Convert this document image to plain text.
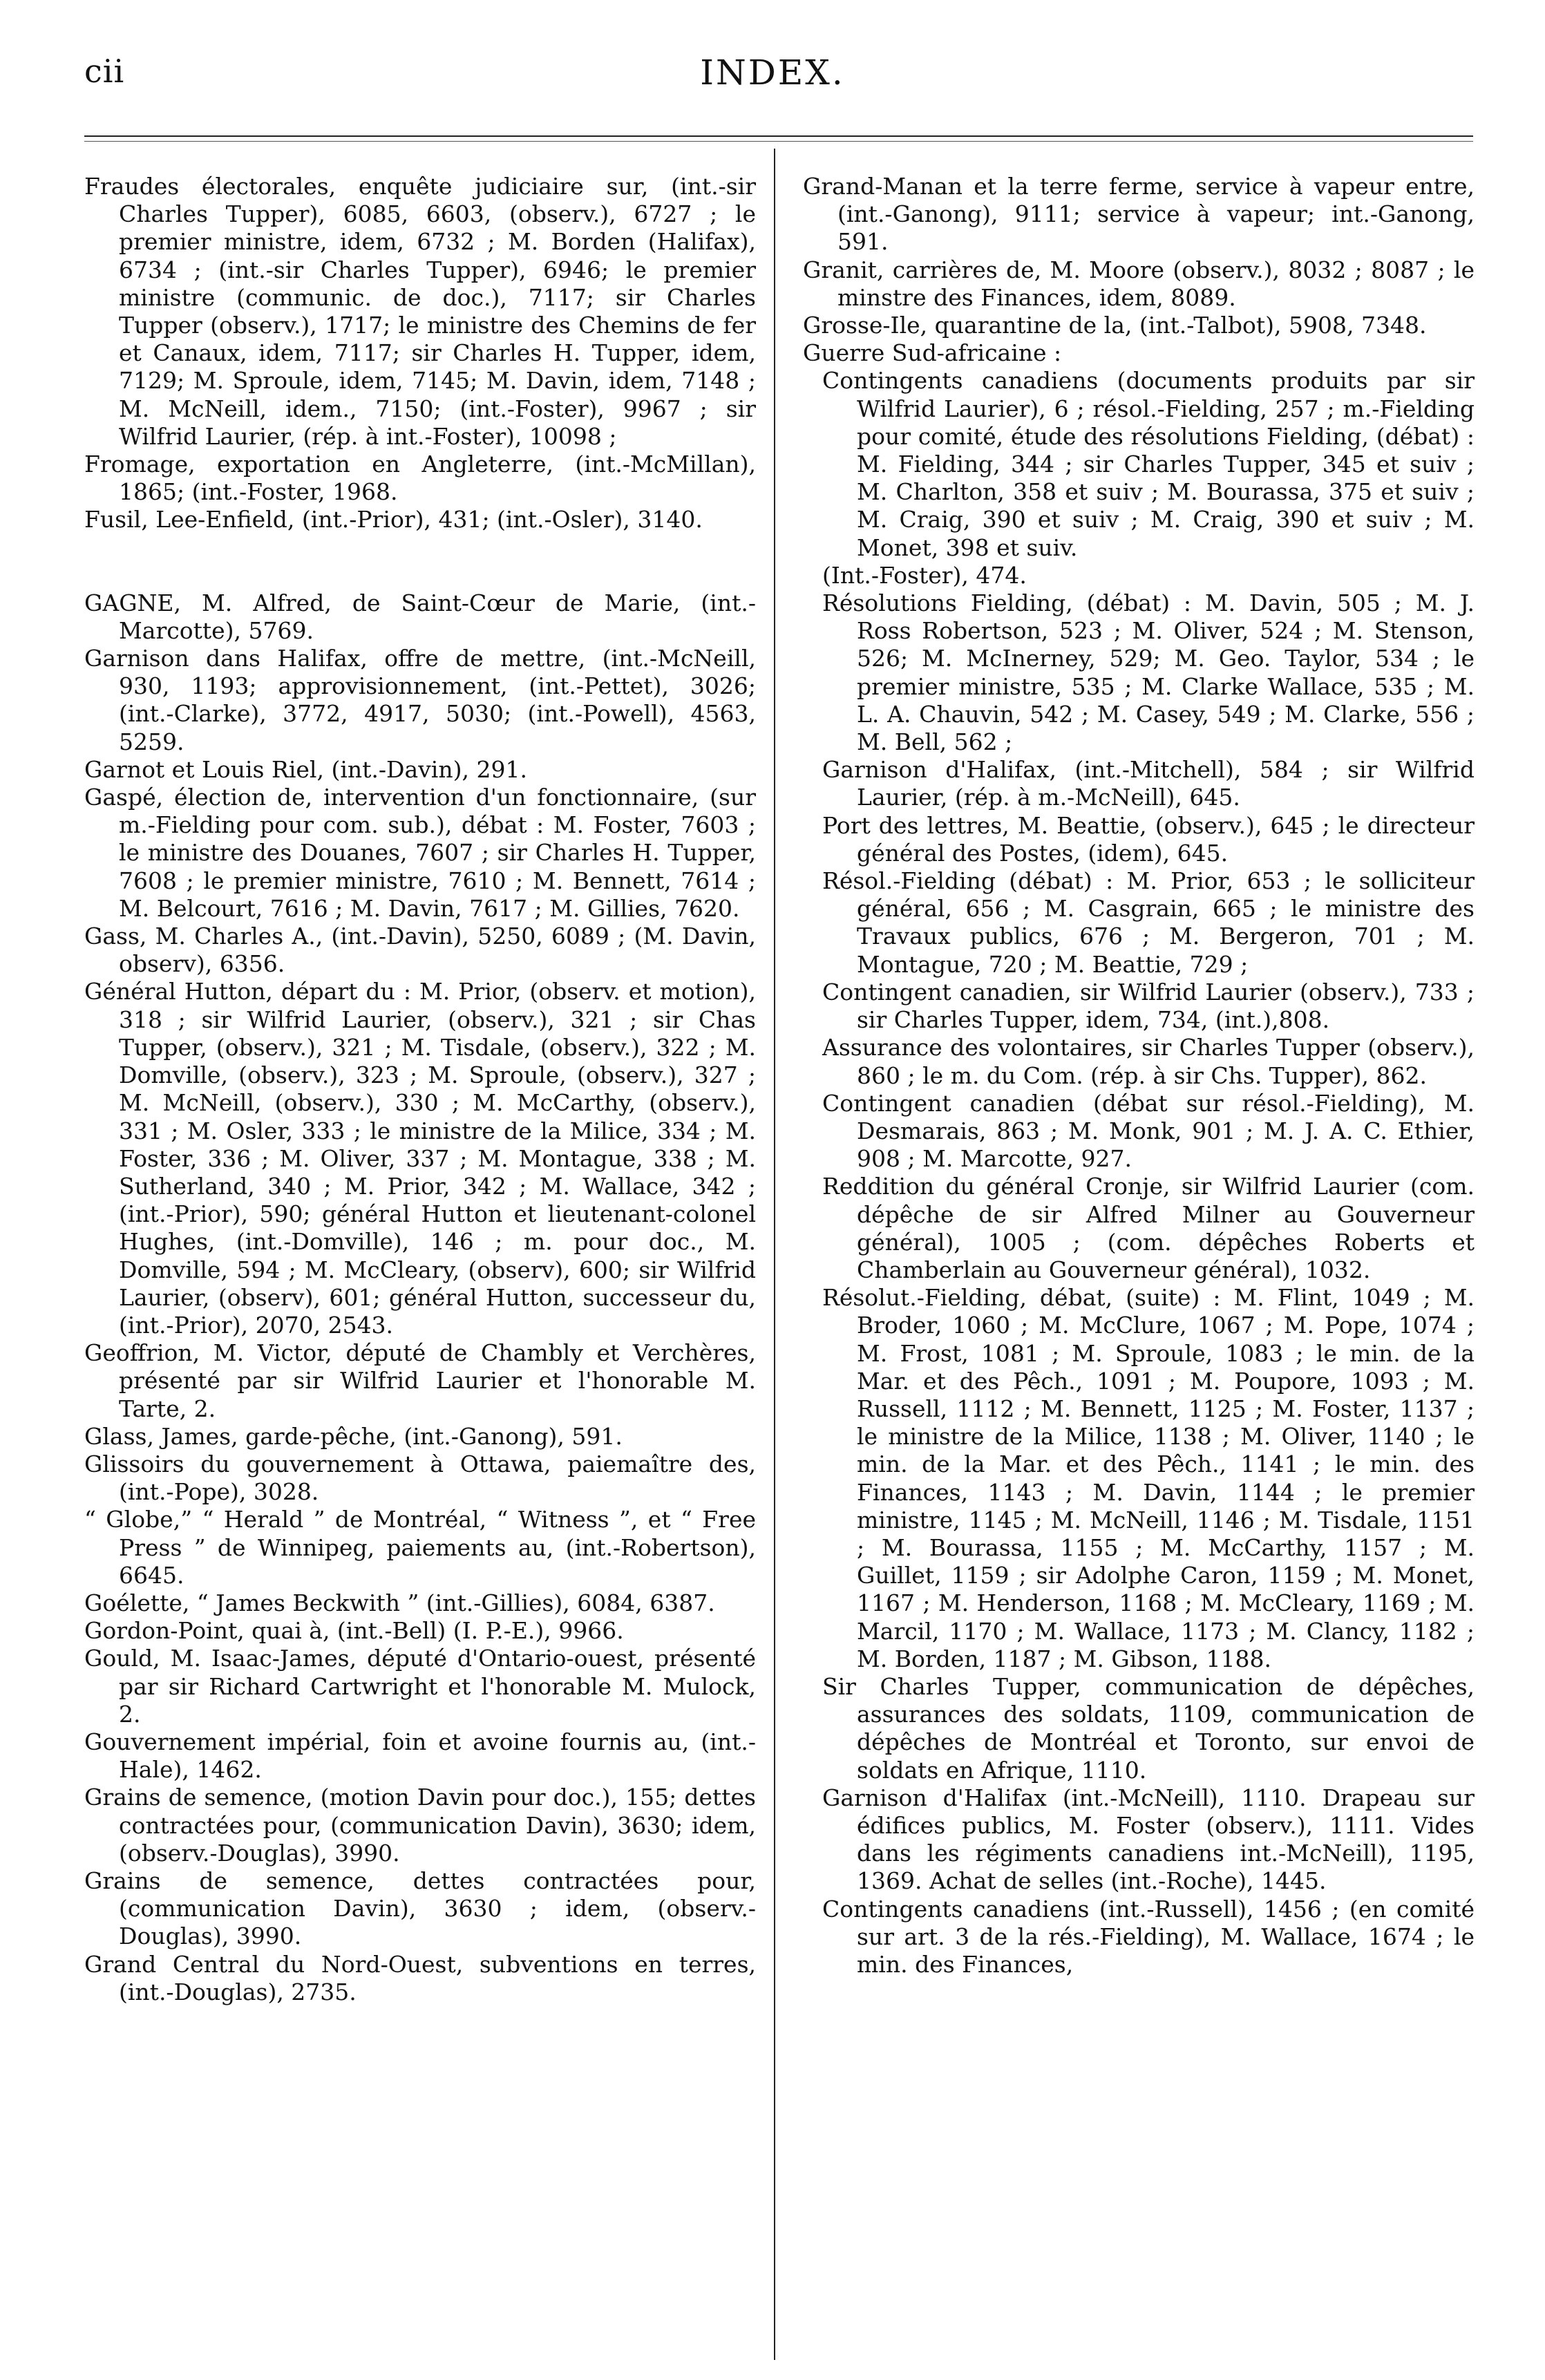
cii	INDEX.

Fraudes électorales, enquête judiciaire sur, (int.-sir Charles Tupper), 6085, 6603, (observ.), 6727 ; le premier ministre, idem, 6732 ; M. Borden (Halifax), 6734 ; (int.-sir Charles Tupper), 6946; le premier ministre (communic. de doc.), 7117; sir Charles Tupper (observ.), 1717; le ministre des Chemins de fer et Canaux, idem, 7117; sir Charles H. Tupper, idem, 7129; M. Sproule, idem, 7145; M. Davin, idem, 7148 ; M. McNeill, idem., 7150; (int.-Foster), 9967 ; sir Wilfrid Laurier, (rép. à int.-Foster), 10098 ;

Fromage, exportation en Angleterre, (int.-McMillan), 1865; (int.-Foster, 1968.

Fusil, Lee-Enfield, (int.-Prior), 431; (int.-Osler), 3140.

GAGNE, M. Alfred, de Saint-Cœur de Marie, (int.-Marcotte), 5769.

Garnison dans Halifax, offre de mettre, (int.-McNeill, 930, 1193; approvisionnement, (int.-Pettet), 3026; (int.-Clarke), 3772, 4917, 5030; (int.-Powell), 4563, 5259.

Garnot et Louis Riel, (int.-Davin), 291.

Gaspé, élection de, intervention d'un fonctionnaire, (sur m.-Fielding pour com. sub.), débat : M. Foster, 7603 ; le ministre des Douanes, 7607 ; sir Charles H. Tupper, 7608 ; le premier ministre, 7610 ; M. Bennett, 7614 ; M. Belcourt, 7616 ; M. Davin, 7617 ; M. Gillies, 7620.

Gass, M. Charles A., (int.-Davin), 5250, 6089 ; (M. Davin, observ), 6356.

Général Hutton, départ du : M. Prior, (observ. et motion), 318 ; sir Wilfrid Laurier, (observ.), 321 ; sir Chas Tupper, (observ.), 321 ; M. Tisdale, (observ.), 322 ; M. Domville, (observ.), 323 ; M. Sproule, (observ.), 327 ; M. McNeill, (observ.), 330 ; M. McCarthy, (observ.), 331 ; M. Osler, 333 ; le ministre de la Milice, 334 ; M. Foster, 336 ; M. Oliver, 337 ; M. Montague, 338 ; M. Sutherland, 340 ; M. Prior, 342 ; M. Wallace, 342 ; (int.-Prior), 590; général Hutton et lieutenant-colonel Hughes, (int.-Domville), 146 ; m. pour doc., M. Domville, 594 ; M. McCleary, (observ), 600; sir Wilfrid Laurier, (observ), 601; général Hutton, successeur du, (int.-Prior), 2070, 2543.

Geoffrion, M. Victor, député de Chambly et Verchères, présenté par sir Wilfrid Laurier et l'honorable M. Tarte, 2.

Glass, James, garde-pêche, (int.-Ganong), 591.

Glissoirs du gouvernement à Ottawa, paiemaître des, (int.-Pope), 3028.

“ Globe,” “ Herald ” de Montréal, “ Witness ”, et “ Free Press ” de Winnipeg, paiements au, (int.-Robertson), 6645.

Goélette, “ James Beckwith ” (int.-Gillies), 6084, 6387.

Gordon-Point, quai à, (int.-Bell) (I. P.-E.), 9966.

Gould, M. Isaac-James, député d'Ontario-ouest, présenté par sir Richard Cartwright et l'honorable M. Mulock, 2.

Gouvernement impérial, foin et avoine fournis au, (int.-Hale), 1462.

Grains de semence, (motion Davin pour doc.), 155; dettes contractées pour, (communication Davin), 3630; idem, (observ.-Douglas), 3990.

Grains de semence, dettes contractées pour, (communication Davin), 3630 ; idem, (observ.-Douglas), 3990.

Grand Central du Nord-Ouest, subventions en terres, (int.-Douglas), 2735.

Grand-Manan et la terre ferme, service à vapeur entre, (int.-Ganong), 9111; service à vapeur; int.-Ganong, 591.

Granit, carrières de, M. Moore (observ.), 8032 ; 8087 ; le minstre des Finances, idem, 8089.

Grosse-Ile, quarantine de la, (int.-Talbot), 5908, 7348.

Guerre Sud-africaine :

Contingents canadiens (documents produits par sir Wilfrid Laurier), 6 ; résol.-Fielding, 257 ; m.-Fielding pour comité, étude des résolutions Fielding, (débat) : M. Fielding, 344 ; sir Charles Tupper, 345 et suiv ; M. Charlton, 358 et suiv ; M. Bourassa, 375 et suiv ; M. Craig, 390 et suiv ; M. Craig, 390 et suiv ; M. Monet, 398 et suiv.

(Int.-Foster), 474.

Résolutions Fielding, (débat) : M. Davin, 505 ; M. J. Ross Robertson, 523 ; M. Oliver, 524 ; M. Stenson, 526; M. McInerney, 529; M. Geo. Taylor, 534 ; le premier ministre, 535 ; M. Clarke Wallace, 535 ; M. L. A. Chauvin, 542 ; M. Casey, 549 ; M. Clarke, 556 ; M. Bell, 562 ;

Garnison d'Halifax, (int.-Mitchell), 584 ; sir Wilfrid Laurier, (rép. à m.-McNeill), 645.

Port des lettres, M. Beattie, (observ.), 645 ; le directeur général des Postes, (idem), 645.

Résol.-Fielding (débat) : M. Prior, 653 ; le solliciteur général, 656 ; M. Casgrain, 665 ; le ministre des Travaux publics, 676 ; M. Bergeron, 701 ; M. Montague, 720 ; M. Beattie, 729 ;

Contingent canadien, sir Wilfrid Laurier (observ.), 733 ; sir Charles Tupper, idem, 734, (int.),808.

Assurance des volontaires, sir Charles Tupper (observ.), 860 ; le m. du Com. (rép. à sir Chs. Tupper), 862.

Contingent canadien (débat sur résol.-Fielding), M. Desmarais, 863 ; M. Monk, 901 ; M. J. A. C. Ethier, 908 ; M. Marcotte, 927.

Reddition du général Cronje, sir Wilfrid Laurier (com. dépêche de sir Alfred Milner au Gouverneur général), 1005 ; (com. dépêches Roberts et Chamberlain au Gouverneur général), 1032.

Résolut.-Fielding, débat, (suite) : M. Flint, 1049 ; M. Broder, 1060 ; M. McClure, 1067 ; M. Pope, 1074 ; M. Frost, 1081 ; M. Sproule, 1083 ; le min. de la Mar. et des Pêch., 1091 ; M. Poupore, 1093 ; M. Russell, 1112 ; M. Bennett, 1125 ; M. Foster, 1137 ; le ministre de la Milice, 1138 ; M. Oliver, 1140 ; le min. de la Mar. et des Pêch., 1141 ; le min. des Finances, 1143 ; M. Davin, 1144 ; le premier ministre, 1145 ; M. McNeill, 1146 ; M. Tisdale, 1151 ; M. Bourassa, 1155 ; M. McCarthy, 1157 ; M. Guillet, 1159 ; sir Adolphe Caron, 1159 ; M. Monet, 1167 ; M. Henderson, 1168 ; M. McCleary, 1169 ; M. Marcil, 1170 ; M. Wallace, 1173 ; M. Clancy, 1182 ; M. Borden, 1187 ; M. Gibson, 1188.

Sir Charles Tupper, communication de dépêches, assurances des soldats, 1109, communication de dépêches de Montréal et Toronto, sur envoi de soldats en Afrique, 1110.

Garnison d'Halifax (int.-McNeill), 1110. Drapeau sur édifices publics, M. Foster (observ.), 1111. Vides dans les régiments canadiens int.-McNeill), 1195, 1369. Achat de selles (int.-Roche), 1445.

Contingents canadiens (int.-Russell), 1456 ; (en comité sur art. 3 de la rés.-Fielding), M. Wallace, 1674 ; le min. des Finances,
